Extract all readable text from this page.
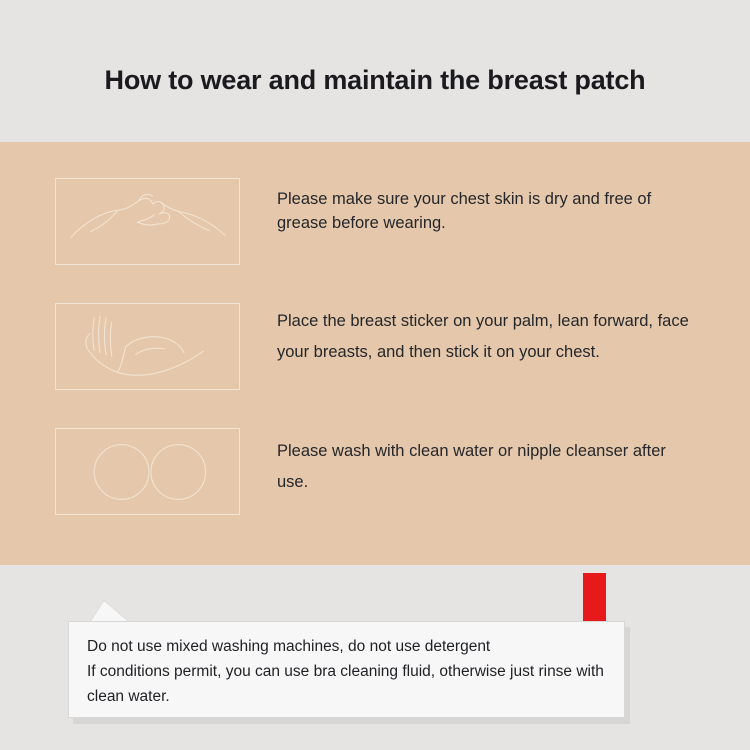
How to wear and maintain the breast patch
Please make sure your chest skin is dry and free of grease before wearing.
Place the breast sticker on your palm, lean forward, face your breasts, and then stick it on your chest.
Please wash with clean water or nipple cleanser after use.
Do not use mixed washing machines, do not use detergent
If conditions permit, you can use bra cleaning fluid, otherwise just rinse with clean water.
